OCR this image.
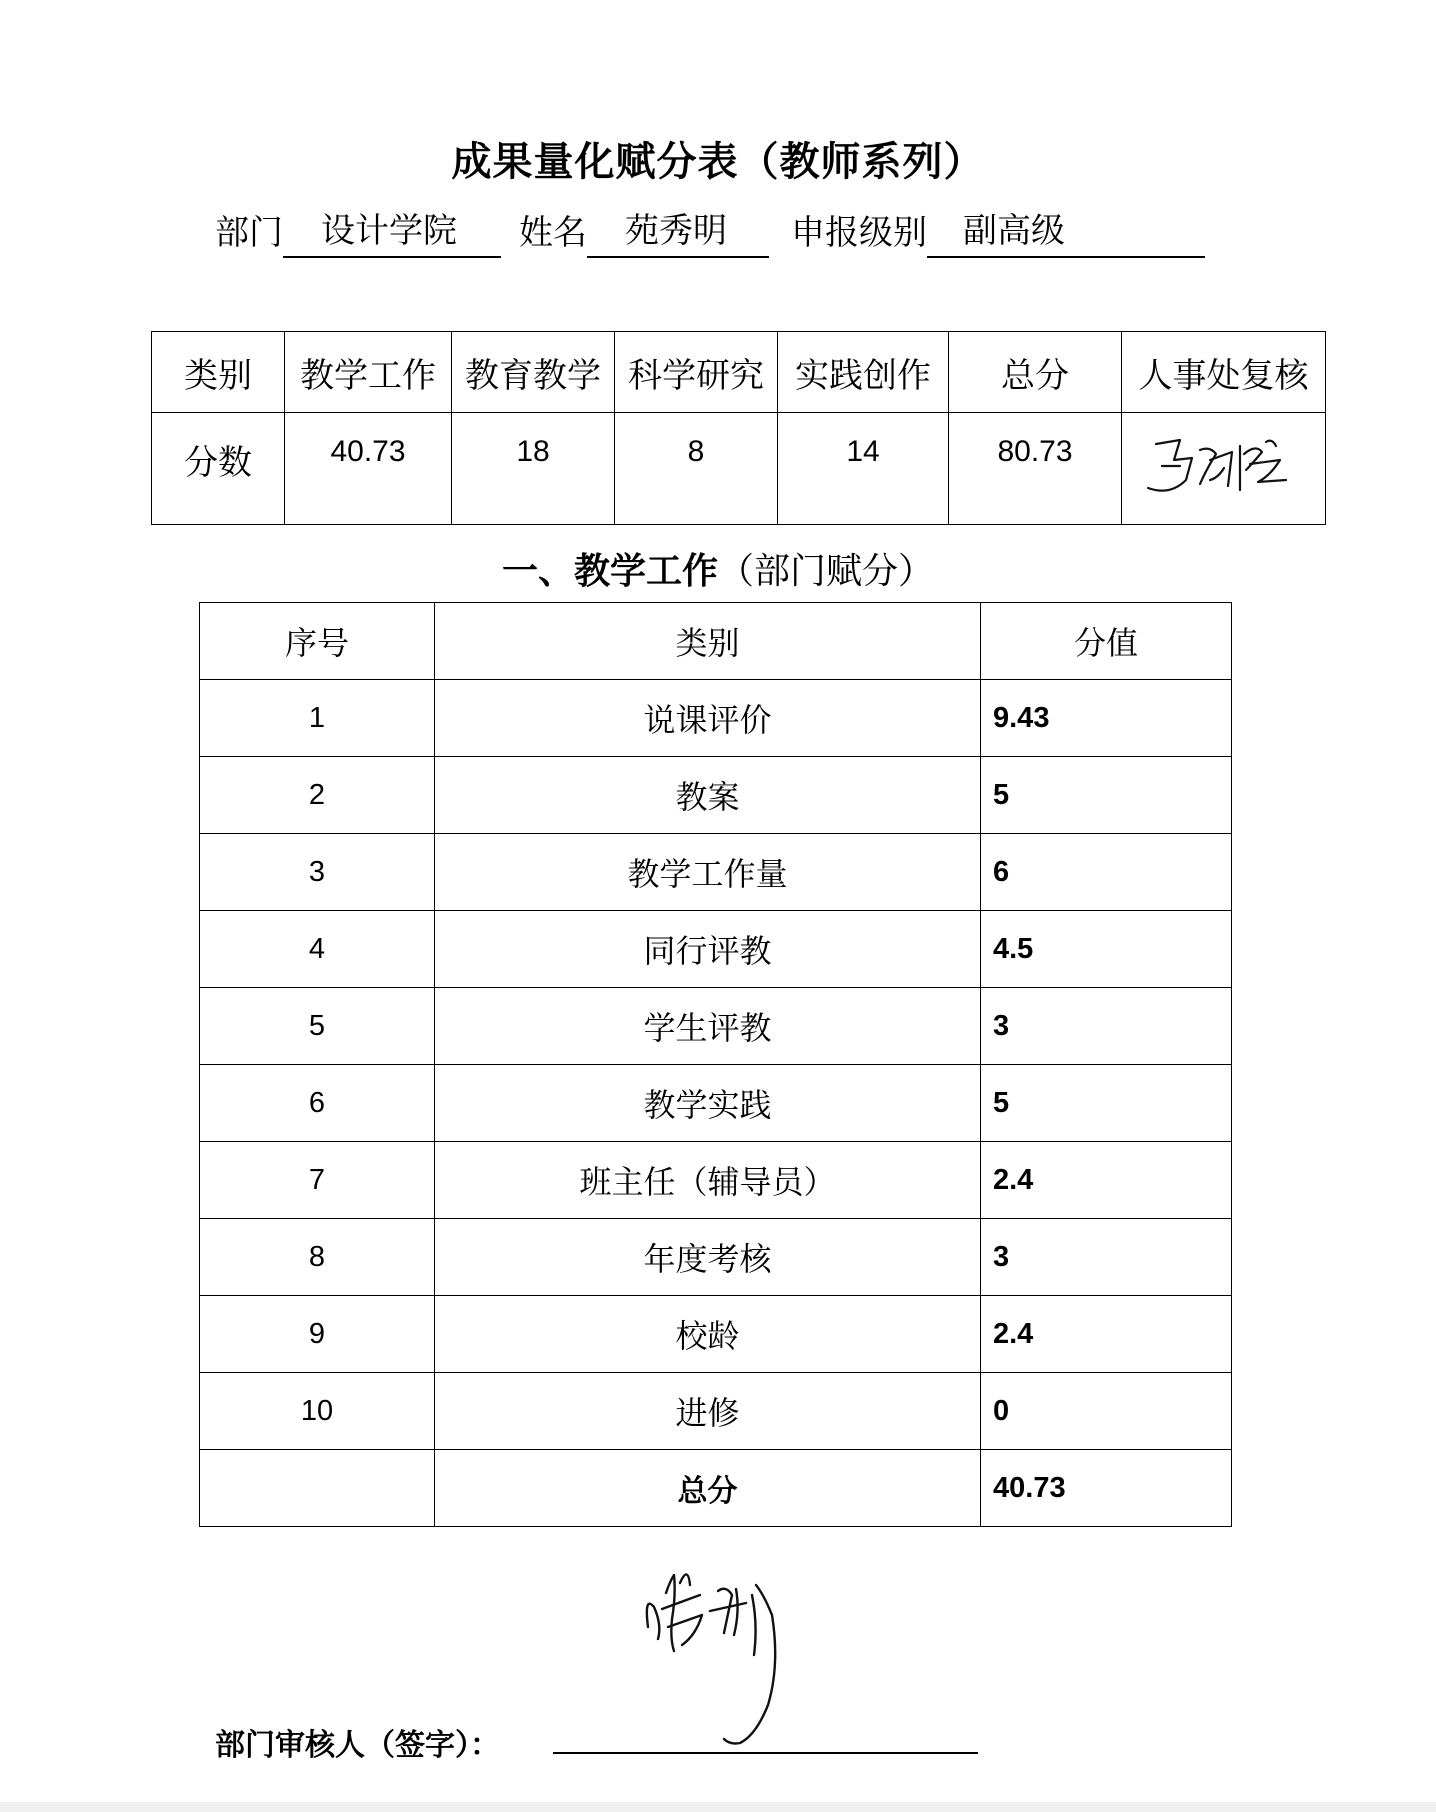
成果量化赋分表（教师系列）
部门	设计学院	姓名	苑秀明	申报级别	副高级
类别	教学工作	教育教学	科学研究	实践创作	总分	人事处复核
分数	40.73	18	8	14	80.73	
一、教学工作（部门赋分）
序号	类别	分值
1	说课评价	9.43
2	教案	5
3	教学工作量	6
4	同行评教	4.5
5	学生评教	3
6	教学实践	5
7	班主任（辅导员）	2.4
8	年度考核	3
9	校龄	2.4
10	进修	0
	总分	40.73
部门审核人（签字）：
